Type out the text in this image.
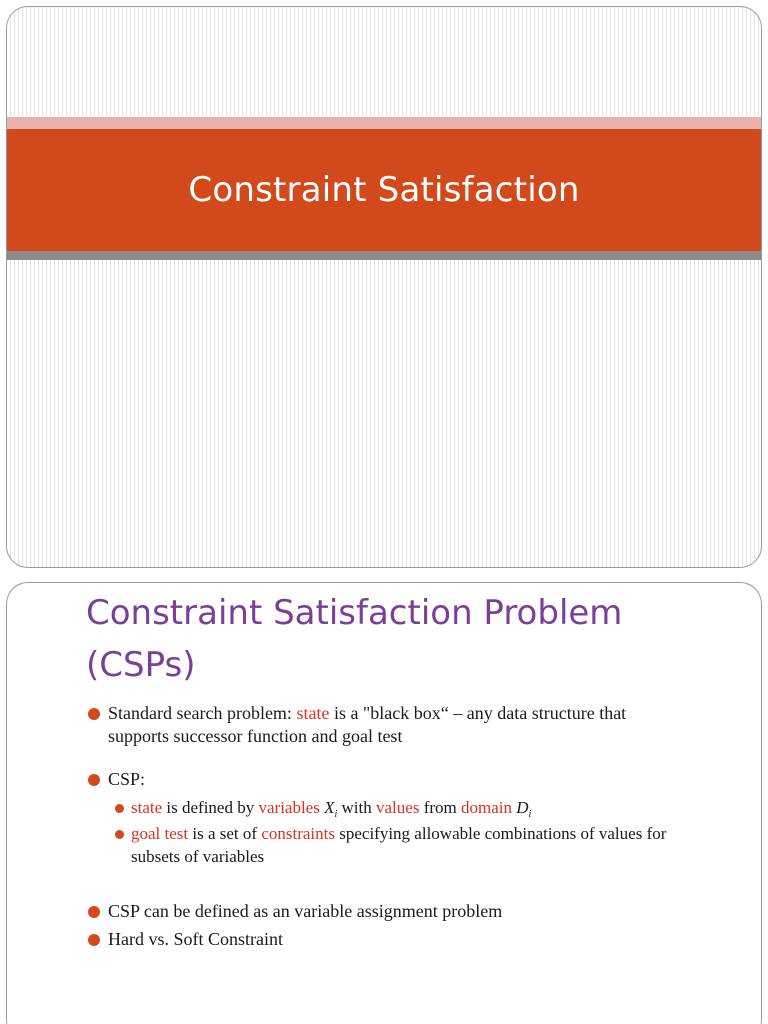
Constraint Satisfaction
Constraint Satisfaction Problem (CSPs)
Standard search problem: state is a "black box“ – any data structure that supports successor function and goal test
CSP:
state is defined by variables $X_i$ with values from domain $D_i$
goal test is a set of constraints specifying allowable combinations of values for subsets of variables
CSP can be defined as an variable assignment problem
Hard vs. Soft Constraint
